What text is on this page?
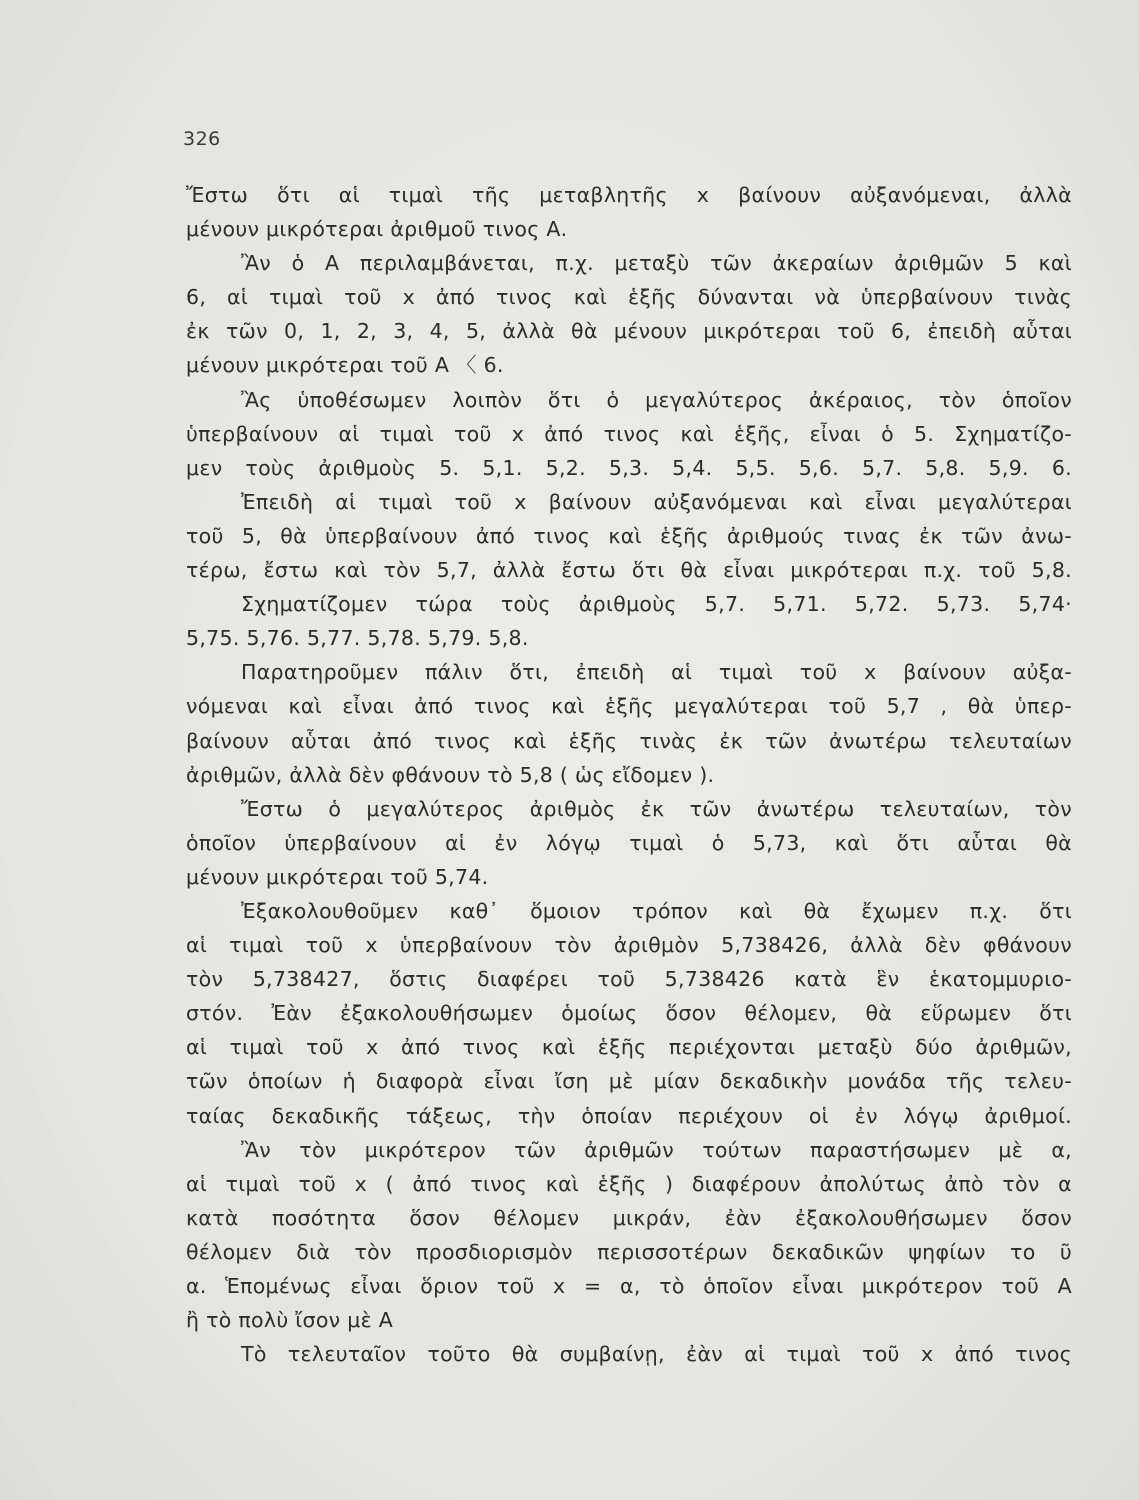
326
Ἔστω ὅτι αἱ τιμαὶ τῆς μεταβλητῆς x βαίνουν αὐξανόμεναι, ἀλλὰ
μένουν μικρότεραι ἀριθμοῦ τινος Α.
Ἂν ὁ Α περιλαμβάνεται, π.χ. μεταξὺ τῶν ἀκεραίων ἀριθμῶν 5 καὶ
6, αἱ τιμαὶ τοῦ x ἀπό τινος καὶ ἑξῆς δύνανται νὰ ὑπερβαίνουν τινὰς
ἐκ τῶν 0, 1, 2, 3, 4, 5, ἀλλὰ θὰ μένουν μικρότεραι τοῦ 6, ἐπειδὴ αὗται
μένουν μικρότεραι τοῦ Α 〈 6.
Ἂς ὑποθέσωμεν λοιπὸν ὅτι ὁ μεγαλύτερος ἀκέραιος, τὸν ὁποῖον
ὑπερβαίνουν αἱ τιμαὶ τοῦ x ἀπό τινος καὶ ἑξῆς, εἶναι ὁ 5. Σχηματίζο-
μεν τοὺς ἀριθμοὺς 5. 5,1. 5,2. 5,3. 5,4. 5,5. 5,6. 5,7. 5,8. 5,9. 6.
Ἐπειδὴ αἱ τιμαὶ τοῦ x βαίνουν αὐξανόμεναι καὶ εἶναι μεγαλύτεραι
τοῦ 5, θὰ ὑπερβαίνουν ἀπό τινος καὶ ἑξῆς ἀριθμούς τινας ἐκ τῶν ἀνω-
τέρω, ἔστω καὶ τὸν 5,7, ἀλλὰ ἔστω ὅτι θὰ εἶναι μικρότεραι π.χ. τοῦ 5,8.
Σχηματίζομεν τώρα τοὺς ἀριθμοὺς 5,7. 5,71. 5,72. 5,73. 5,74·
5,75. 5,76. 5,77. 5,78. 5,79. 5,8.
Παρατηροῦμεν πάλιν ὅτι, ἐπειδὴ αἱ τιμαὶ τοῦ x βαίνουν αὐξα-
νόμεναι καὶ εἶναι ἀπό τινος καὶ ἑξῆς μεγαλύτεραι τοῦ 5,7 , θὰ ὑπερ-
βαίνουν αὗται ἀπό τινος καὶ ἑξῆς τινὰς ἐκ τῶν ἀνωτέρω τελευταίων
ἀριθμῶν, ἀλλὰ δὲν φθάνουν τὸ 5,8 ( ὡς εἴδομεν ).
Ἔστω ὁ μεγαλύτερος ἀριθμὸς ἐκ τῶν ἀνωτέρω τελευταίων, τὸν
ὁποῖον ὑπερβαίνουν αἱ ἐν λόγῳ τιμαὶ ὁ 5,73, καὶ ὅτι αὗται θὰ
μένουν μικρότεραι τοῦ 5,74.
Ἐξακολουθοῦμεν καθ᾿ ὅμοιον τρόπον καὶ θὰ ἔχωμεν π.χ. ὅτι
αἱ τιμαὶ τοῦ x ὑπερβαίνουν τὸν ἀριθμὸν 5,738426, ἀλλὰ δὲν φθάνουν
τὸν 5,738427, ὅστις διαφέρει τοῦ 5,738426 κατὰ ἓν ἑκατομμυριο-
στόν. Ἐὰν ἐξακολουθήσωμεν ὁμοίως ὅσον θέλομεν, θὰ εὕρωμεν ὅτι
αἱ τιμαὶ τοῦ x ἀπό τινος καὶ ἑξῆς περιέχονται μεταξὺ δύο ἀριθμῶν,
τῶν ὁποίων ἡ διαφορὰ εἶναι ἴση μὲ μίαν δεκαδικὴν μονάδα τῆς τελευ-
ταίας δεκαδικῆς τάξεως, τὴν ὁποίαν περιέχουν οἱ ἐν λόγῳ ἀριθμοί.
Ἂν τὸν μικρότερον τῶν ἀριθμῶν τούτων παραστήσωμεν μὲ α,
αἱ τιμαὶ τοῦ x ( ἀπό τινος καὶ ἑξῆς ) διαφέρουν ἀπολύτως ἀπὸ τὸν α
κατὰ ποσότητα ὅσον θέλομεν μικράν, ἐὰν ἐξακολουθήσωμεν ὅσον
θέλομεν διὰ τὸν προσδιορισμὸν περισσοτέρων δεκαδικῶν ψηφίων το ῦ
α. Ἑπομένως εἶναι ὅριον τοῦ x = α, τὸ ὁποῖον εἶναι μικρότερον τοῦ Α
ἢ τὸ πολὺ ἴσον μὲ Α
Τὸ τελευταῖον τοῦτο θὰ συμβαίνῃ, ἐὰν αἱ τιμαὶ τοῦ x ἀπό τινος
